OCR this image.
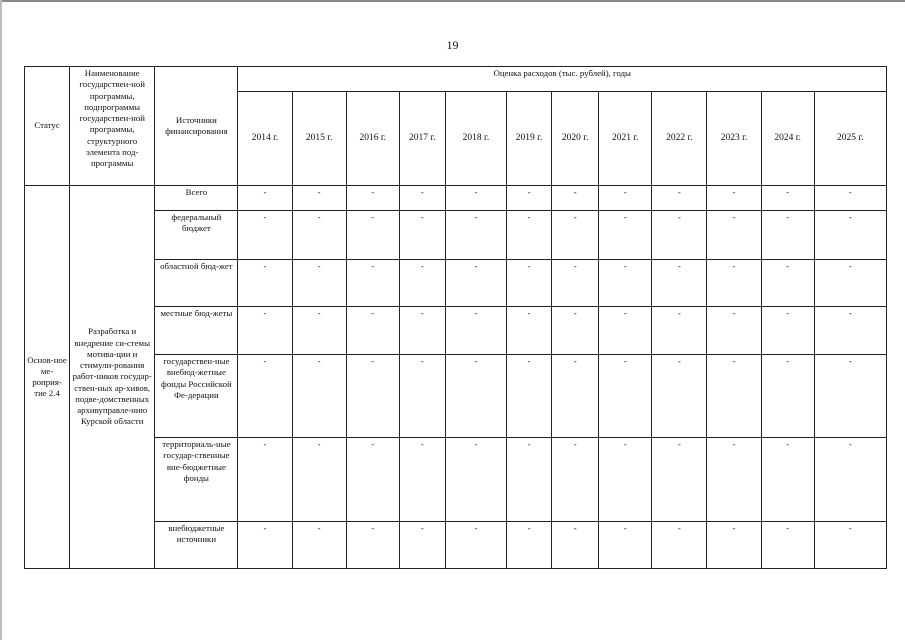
19
Статус	Наименование государствен-ной программы, подпрограммы государствен-ной программы, структурного элемента под-программы	Источники финансирования	Оценка расходов (тыс. рублей), годы											
			2014 г.	2015 г.	2016 г.	2017 г.	2018 г.	2019 г.	2020 г.	2021 г.	2022 г.	2023 г.	2024 г.	2025 г.
Основ-ное ме-роприя-тие 2.4	Разработка и внедрение си-стемы мотива-ции и стимули-рования работ-ников государ-ствен-ных ар-хивов, подве-домственных архивуправле-нию Курской области	Всего	-	-	-	-	-	-	-	-	-	-	-	-
		федеральный бюджет	-	-	-	-	-	-	-	-	-	-	-	-
		областной бюд-жет	-	-	-	-	-	-	-	-	-	-	-	-
		местные бюд-жеты	-	-	-	-	-	-	-	-	-	-	-	-
		государствен-ные внебюд-жетные фонды Российской Фе-дерации	-	-	-	-	-	-	-	-	-	-	-	-
		территориаль-ные государ-ственные вне-бюджетные фонды	-	-	-	-	-	-	-	-	-	-	-	-
		внебюджетные источники	-	-	-	-	-	-	-	-	-	-	-	-
